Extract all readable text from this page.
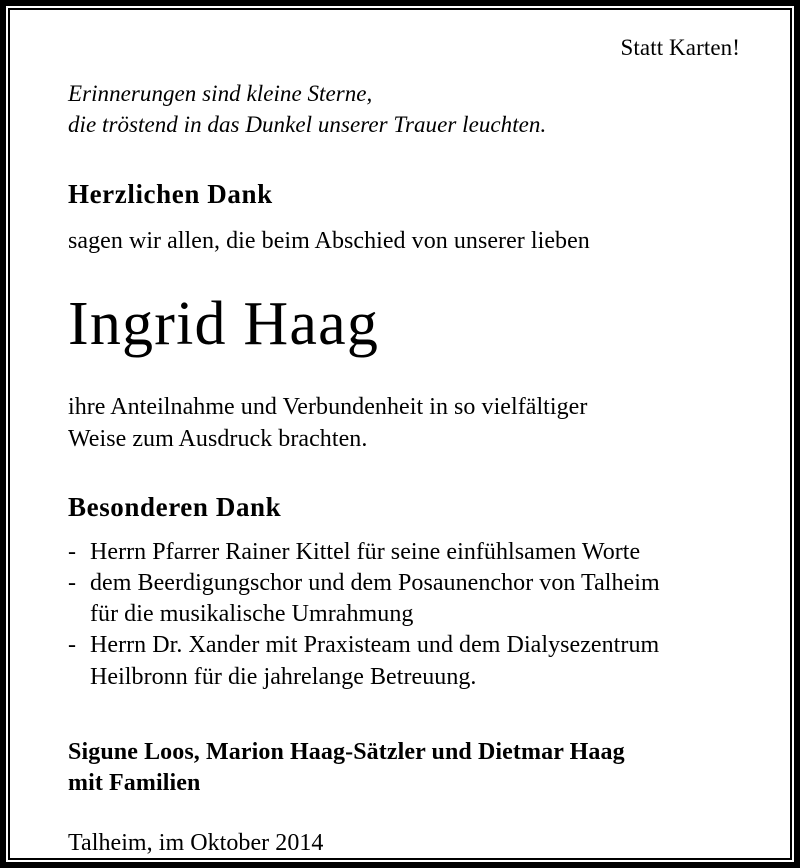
Statt Karten!
Erinnerungen sind kleine Sterne,
die tröstend in das Dunkel unserer Trauer leuchten.
Herzlichen Dank
sagen wir allen, die beim Abschied von unserer lieben
Ingrid Haag
ihre Anteilnahme und Verbundenheit in so vielfältiger
Weise zum Ausdruck brachten.
Besonderen Dank
- Herrn Pfarrer Rainer Kittel für seine einfühlsamen Worte
- dem Beerdigungschor und dem Posaunenchor von Talheim
für die musikalische Umrahmung
- Herrn Dr. Xander mit Praxisteam und dem Dialysezentrum
Heilbronn für die jahrelange Betreuung.
Sigune Loos, Marion Haag-Sätzler und Dietmar Haag
mit Familien
Talheim, im Oktober 2014
